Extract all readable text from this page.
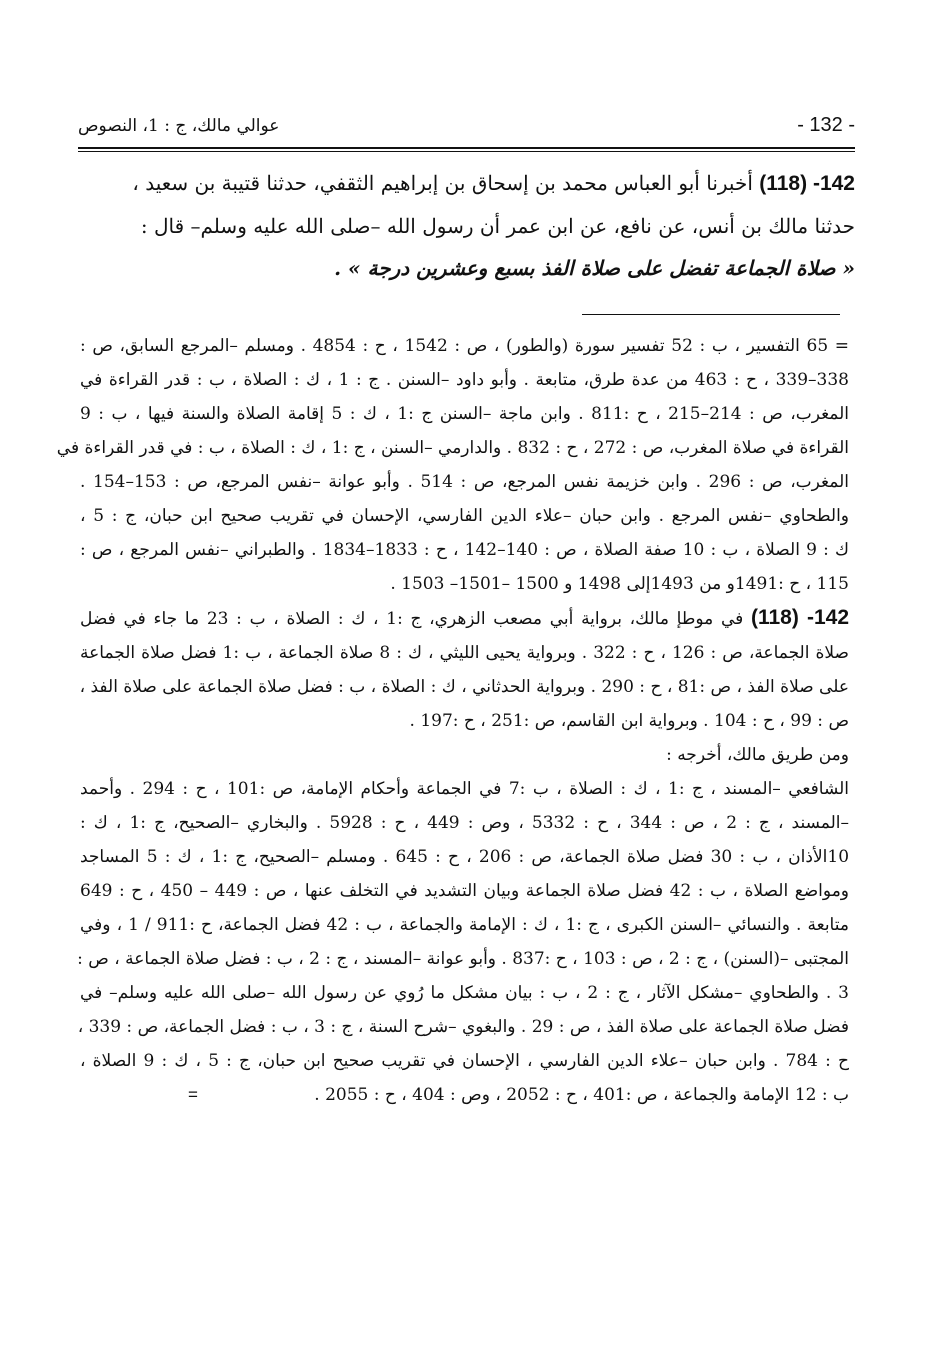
عوالي مالك، ج : 1، النصوص	- 132 -
142- (118) أخبرنا أبو العباس محمد بن إسحاق بن إبراهيم الثقفي، حدثنا قتيبة بن سعيد ،
حدثنا مالك بن أنس، عن نافع، عن ابن عمر أن رسول الله –صلى الله عليه وسلم– قال :
« صلاة الجماعة تفضل على صلاة الفذ بسبع وعشرين درجة » .
= 65 التفسير ، ب : 52 تفسير سورة (والطور) ، ص : 1542 ، ح : 4854 . ومسلم –المرجع السابق، ص :
338–339 ، ح : 463 من عدة طرق، متابعة . وأبو داود –السنن . ج : 1 ، ك : الصلاة ، ب : قدر القراءة في
المغرب، ص : 214–215 ، ح :811 . وابن ماجة –السنن ج :1 ، ك : 5 إقامة الصلاة والسنة فيها ، ب : 9
القراءة في صلاة المغرب، ص : 272 ، ح : 832 . والدارمي –السنن ، ج :1 ، ك : الصلاة ، ب : في قدر القراءة في
المغرب، ص : 296 . وابن خزيمة نفس المرجع، ص : 514 . وأبو عوانة –نفس المرجع، ص : 153–154 .
والطحاوي –نفس المرجع . وابن حبان –علاء الدين الفارسي، الإحسان في تقريب صحيح ابن حبان، ج : 5 ،
ك : 9 الصلاة ، ب : 10 صفة الصلاة ، ص : 140–142 ، ح : 1833–1834 . والطبراني –نفس المرجع ، ص :
115 ، ح :1491و من 1493إلى 1498 و 1500 –1501– 1503 .
142- (118) في موطإ مالك، برواية أبي مصعب الزهري، ج :1 ، ك : الصلاة ، ب : 23 ما جاء في فضل
صلاة الجماعة، ص : 126 ، ح : 322 . وبرواية يحيى الليثي ، ك : 8 صلاة الجماعة ، ب :1 فضل صلاة الجماعة
على صلاة الفذ ، ص :81 ، ح : 290 . وبرواية الحدثاني ، ك : الصلاة ، ب : فضل صلاة الجماعة على صلاة الفذ ،
ص : 99 ، ح : 104 . وبرواية ابن القاسم، ص :251 ، ح :197 .
ومن طريق مالك، أخرجه :
الشافعي –المسند ، ج :1 ، ك : الصلاة ، ب :7 في الجماعة وأحكام الإمامة، ص :101 ، ح : 294 . وأحمد
–المسند ، ج : 2 ، ص : 344 ، ح : 5332 ، وص : 449 ، ح : 5928 . والبخاري –الصحيح، ج :1 ، ك :
10الأذان ، ب : 30 فضل صلاة الجماعة، ص : 206 ، ح : 645 . ومسلم –الصحيح، ج :1 ، ك : 5 المساجد
ومواضع الصلاة ، ب : 42 فضل صلاة الجماعة وبيان التشديد في التخلف عنها ، ص : 449 – 450 ، ح : 649
متابعة . والنسائي –السنن الكبرى ، ج :1 ، ك : الإمامة والجماعة ، ب : 42 فضل الجماعة، ح :911 / 1 ، وفي
المجتبى –(السنن) ، ج : 2 ، ص : 103 ، ح :837 . وأبو عوانة –المسند ، ج : 2 ، ب : فضل صلاة الجماعة ، ص :
3 . والطحاوي –مشكل الآثار ، ج : 2 ، ب : بيان مشكل ما رُوي عن رسول الله –صلى الله عليه وسلم– في
فضل صلاة الجماعة على صلاة الفذ ، ص : 29 . والبغوي –شرح السنة ، ج : 3 ، ب : فضل الجماعة، ص : 339 ،
ح : 784 . وابن حبان –علاء الدين الفارسي ، الإحسان في تقريب صحيح ابن حبان، ج : 5 ، ك : 9 الصلاة ،
ب : 12 الإمامة والجماعة ، ص :401 ، ح : 2052 ، وص : 404 ، ح : 2055 .
=
